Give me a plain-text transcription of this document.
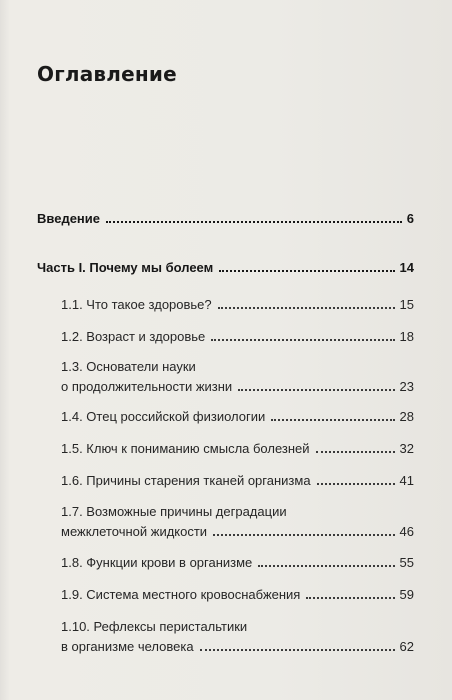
Оглавление
Введение	6
Часть I. Почему мы болеем	14
1.1. Что такое здоровье?	15
1.2. Возраст и здоровье	18
1.3. Основатели науки
о продолжительности жизни	23
1.4. Отец российской физиологии	28
1.5. Ключ к пониманию смысла болезней	32
1.6. Причины старения тканей организма	41
1.7. Возможные причины деградации
межклеточной жидкости	46
1.8. Функции крови в организме	55
1.9. Система местного кровоснабжения	59
1.10. Рефлексы перистальтики
в организме человека	62
